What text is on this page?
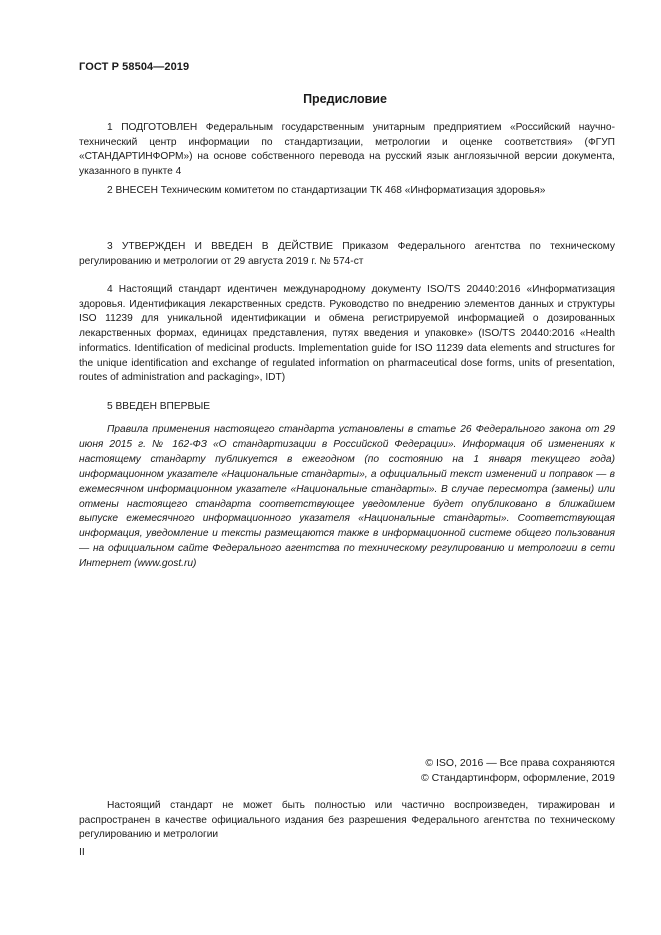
ГОСТ Р 58504—2019
Предисловие

1 ПОДГОТОВЛЕН Федеральным государственным унитарным предприятием «Российский научно-технический центр информации по стандартизации, метрологии и оценке соответствия» (ФГУП «СТАНДАРТИНФОРМ») на основе собственного перевода на русский язык англоязычной версии документа, указанного в пункте 4

2 ВНЕСЕН Техническим комитетом по стандартизации ТК 468 «Информатизация здоровья»

3 УТВЕРЖДЕН И ВВЕДЕН В ДЕЙСТВИЕ Приказом Федерального агентства по техническому регулированию и метрологии от 29 августа 2019 г. № 574-ст

4 Настоящий стандарт идентичен международному документу ISO/TS 20440:2016 «Информатизация здоровья. Идентификация лекарственных средств. Руководство по внедрению элементов данных и структуры ISO 11239 для уникальной идентификации и обмена регистрируемой информацией о дозированных лекарственных формах, единицах представления, путях введения и упаковке» (ISO/TS 20440:2016 «Health informatics. Identification of medicinal products. Implementation guide for ISO 11239 data elements and structures for the unique identification and exchange of regulated information on pharmaceutical dose forms, units of presentation, routes of administration and packaging», IDT)

5 ВВЕДЕН ВПЕРВЫЕ

Правила применения настоящего стандарта установлены в статье 26 Федерального закона от 29 июня 2015 г. № 162-ФЗ «О стандартизации в Российской Федерации». Информация об изменениях к настоящему стандарту публикуется в ежегодном (по состоянию на 1 января текущего года) информационном указателе «Национальные стандарты», а официальный текст изменений и поправок — в ежемесячном информационном указателе «Национальные стандарты». В случае пересмотра (замены) или отмены настоящего стандарта соответствующее уведомление будет опубликовано в ближайшем выпуске ежемесячного информационного указателя «Национальные стандарты». Соответствующая информация, уведомление и тексты размещаются также в информационной системе общего пользования — на официальном сайте Федерального агентства по техническому регулированию и метрологии в сети Интернет (www.gost.ru)

© ISO, 2016 — Все права сохраняются
© Стандартинформ, оформление, 2019

Настоящий стандарт не может быть полностью или частично воспроизведен, тиражирован и распространен в качестве официального издания без разрешения Федерального агентства по техническому регулированию и метрологии

II
